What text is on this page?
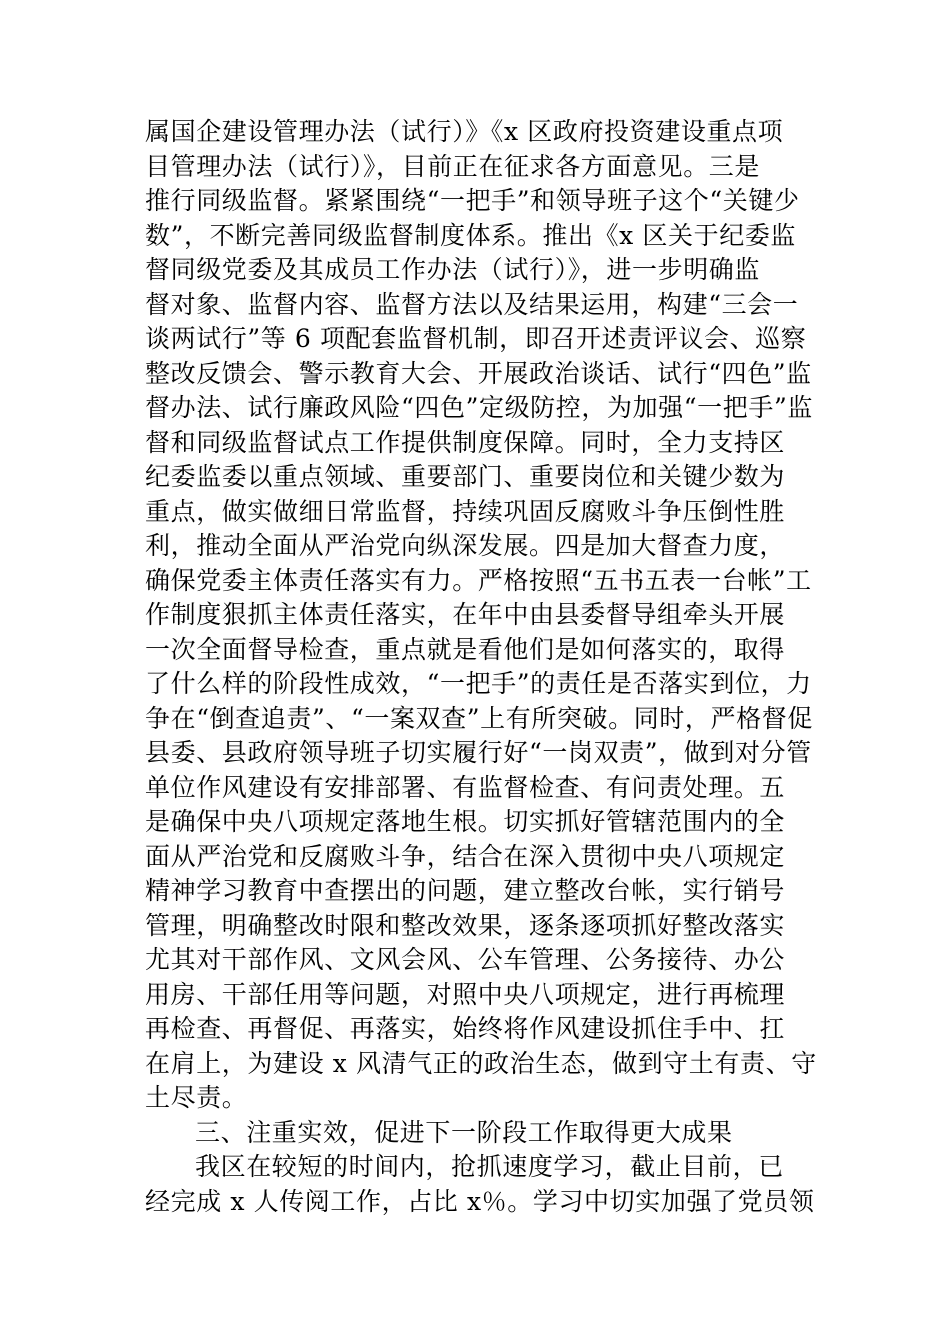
属国企建设管理办法（试行）》《x 区政府投资建设重点项
目管理办法（试行）》，目前正在征求各方面意见。三是
推行同级监督。紧紧围绕“一把手”和领导班子这个“关键少
数”，不断完善同级监督制度体系。推出《x 区关于纪委监
督同级党委及其成员工作办法（试行）》，进一步明确监
督对象、监督内容、监督方法以及结果运用，构建“三会一
谈两试行”等 6 项配套监督机制，即召开述责评议会、巡察
整改反馈会、警示教育大会、开展政治谈话、试行“四色”监
督办法、试行廉政风险“四色”定级防控，为加强“一把手”监
督和同级监督试点工作提供制度保障。同时，全力支持区
纪委监委以重点领域、重要部门、重要岗位和关键少数为
重点，做实做细日常监督，持续巩固反腐败斗争压倒性胜
利，推动全面从严治党向纵深发展。四是加大督查力度，
确保党委主体责任落实有力。严格按照“五书五表一台帐”工
作制度狠抓主体责任落实，在年中由县委督导组牵头开展
一次全面督导检查，重点就是看他们是如何落实的，取得
了什么样的阶段性成效，“一把手”的责任是否落实到位，力
争在“倒查追责”、“一案双查”上有所突破。同时，严格督促
县委、县政府领导班子切实履行好“一岗双责”，做到对分管
单位作风建设有安排部署、有监督检查、有问责处理。五
是确保中央八项规定落地生根。切实抓好管辖范围内的全
面从严治党和反腐败斗争，结合在深入贯彻中央八项规定
精神学习教育中查摆出的问题，建立整改台帐，实行销号
管理，明确整改时限和整改效果，逐条逐项抓好整改落实
尤其对干部作风、文风会风、公车管理、公务接待、办公
用房、干部任用等问题，对照中央八项规定，进行再梳理
再检查、再督促、再落实，始终将作风建设抓住手中、扛
在肩上，为建设 x 风清气正的政治生态，做到守土有责、守
土尽责。
三、注重实效，促进下一阶段工作取得更大成果
我区在较短的时间内，抢抓速度学习，截止目前，已
经完成 x 人传阅工作，占比 x％。学习中切实加强了党员领
